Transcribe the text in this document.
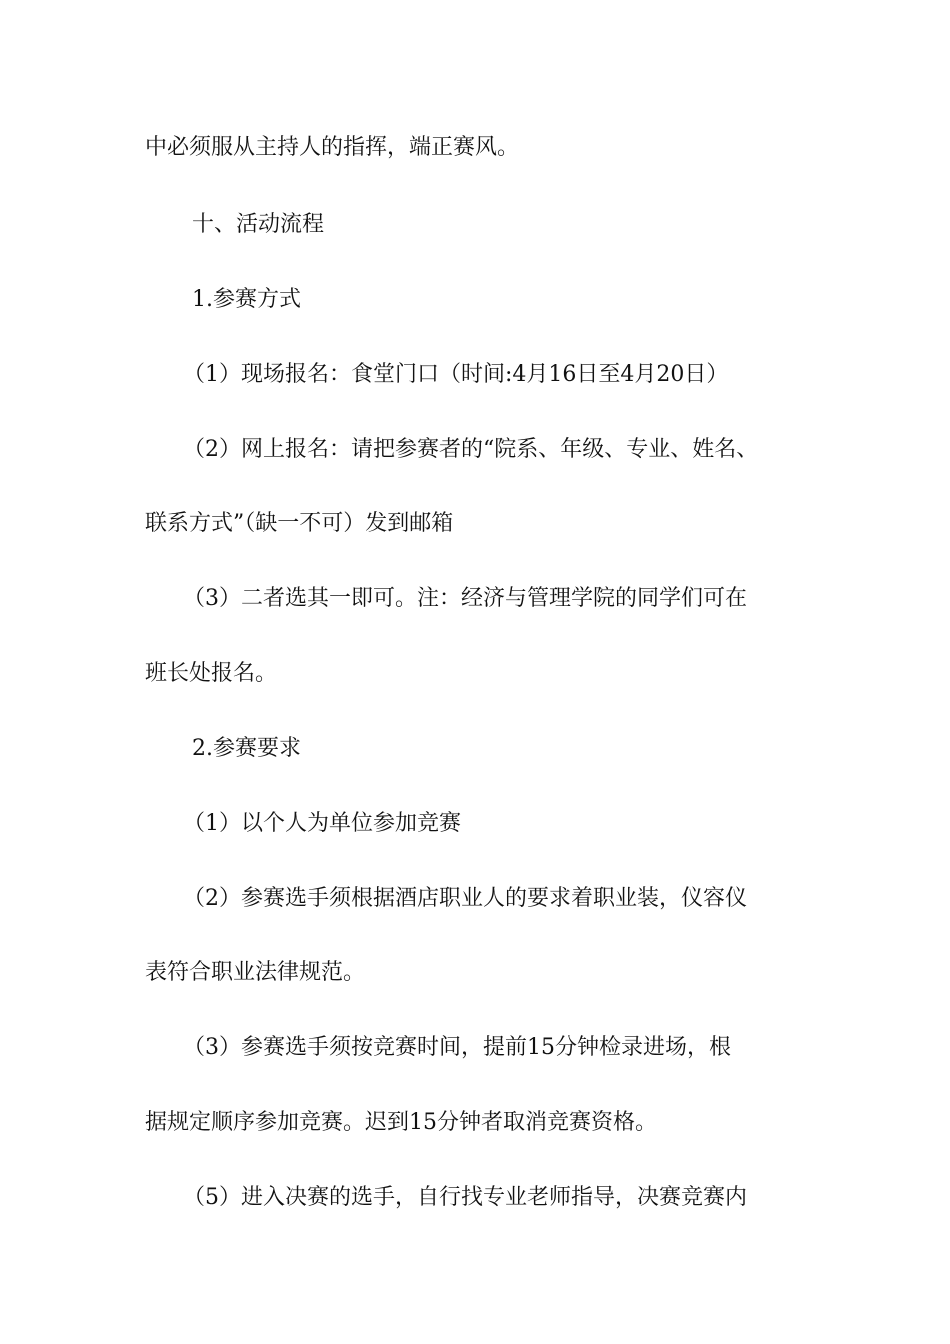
中必须服从主持人的指挥，端正赛风。
十、活动流程
1.参赛方式
（1）现场报名：食堂门口（时间:4月16日至4月20日）
（2）网上报名：请把参赛者的“院系、年级、专业、姓名、
联系方式”（缺一不可）发到邮箱
（3）二者选其一即可。注：经济与管理学院的同学们可在
班长处报名。
2.参赛要求
（1）以个人为单位参加竞赛
（2）参赛选手须根据酒店职业人的要求着职业装，仪容仪
表符合职业法律规范。
（3）参赛选手须按竞赛时间，提前15分钟检录进场，根
据规定顺序参加竞赛。迟到15分钟者取消竞赛资格。
（5）进入决赛的选手，自行找专业老师指导，决赛竞赛内
